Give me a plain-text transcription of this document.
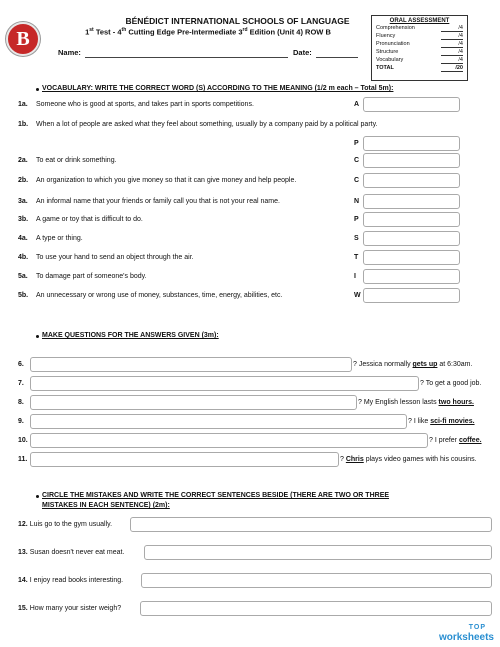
B
BÉNÉDICT INTERNATIONAL SCHOOLS OF LANGUAGE
1st Test - 4th Cutting Edge Pre-Intermediate 3rd Edition (Unit 4) ROW B
Name:	Date:
ORAL ASSESSMENT
Comprehension	/4
Fluency	/4
Pronunciation	/4
Structure	/4
Vocabulary	/4
TOTAL	/20
VOCABULARY: WRITE THE CORRECT WORD (S) ACCORDING TO THE MEANING (1/2 m each – Total 5m):
1a. Someone who is good at sports, and takes part in sports competitions.	A
1b. When a lot of people are asked what they feel about something, usually by a company paid by a political party.
P
2a. To eat or drink something.	C
2b. An organization to which you give money so that it can give money and help people.	C
3a. An informal name that your friends or family call you that is not your real name.	N
3b. A game or toy that is difficult to do.	P
4a. A type or thing.	S
4b. To use your hand to send an object through the air.	T
5a. To damage part of someone's body.	I
5b. An unnecessary or wrong use of money, substances, time, energy, abilities, etc.	W
MAKE QUESTIONS FOR THE ANSWERS GIVEN (3m):
6.	? Jessica normally gets up at 6:30am.
7.	? To get a good job.
8.	? My English lesson lasts two hours.
9.	? I like sci-fi movies.
10.	? I prefer coffee.
11.	? Chris plays video games with his cousins.
CIRCLE THE MISTAKES AND WRITE THE CORRECT SENTENCES BESIDE (THERE ARE TWO OR THREE
MISTAKES IN EACH SENTENCE) (2m):
12. Luis go to the gym usually.
13. Susan doesn't never eat meat.
14. I enjoy read books interesting.
15. How many your sister weigh?
TOP
worksheets
